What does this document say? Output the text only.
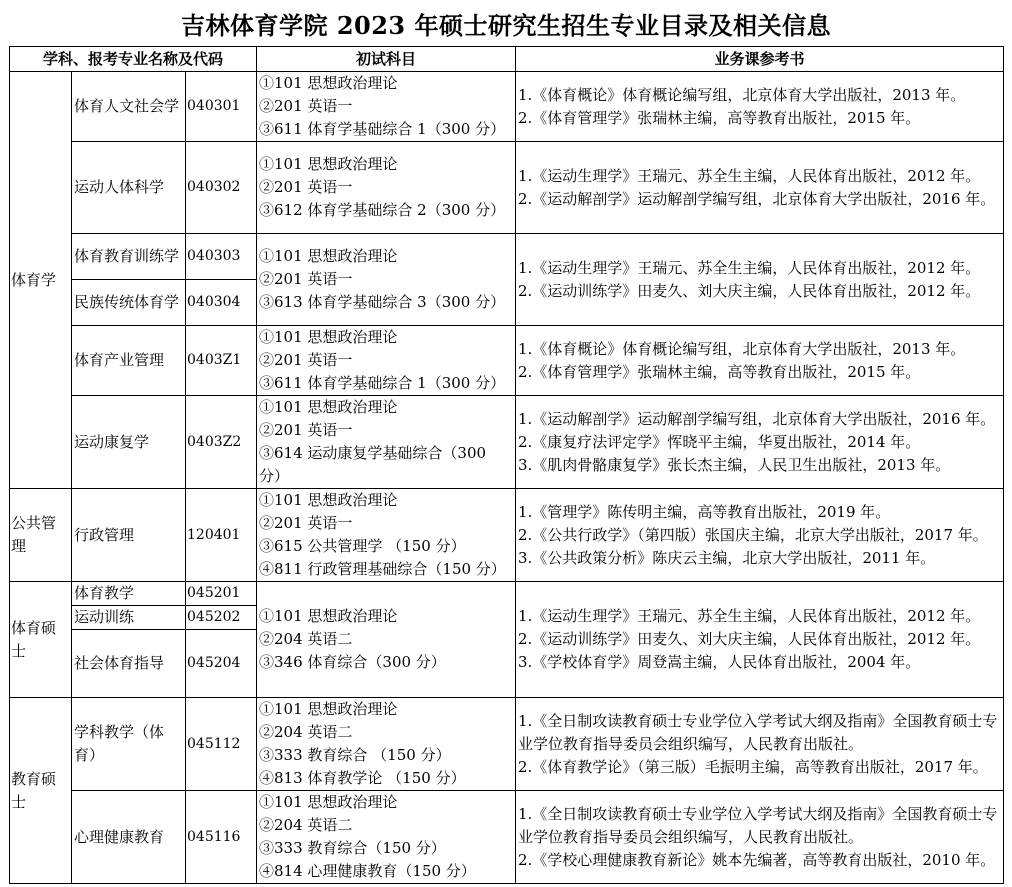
吉林体育学院 2023 年硕士研究生招生专业目录及相关信息
学科、报考专业名称及代码			初试科目	业务课参考书
体育学	体育人文社会学	040301	①101 思想政治理论
②201 英语一
③611 体育学基础综合 1（300 分）	1.《体育概论》体育概论编写组，北京体育大学出版社，2013 年。
2.《体育管理学》张瑞林主编，高等教育出版社，2015 年。

	运动人体科学	040302	①101 思想政治理论
②201 英语一
③612 体育学基础综合 2（300 分）	1.《运动生理学》王瑞元、苏全生主编，人民体育出版社，2012 年。
2.《运动解剖学》运动解剖学编写组，北京体育大学出版社，2016 年。

	体育教育训练学	040303	①101 思想政治理论
②201 英语一
③613 体育学基础综合 3（300 分）	1.《运动生理学》王瑞元、苏全生主编，人民体育出版社，2012 年。
2.《运动训练学》田麦久、刘大庆主编，人民体育出版社，2012 年。

	民族传统体育学	040304		
	体育产业管理	0403Z1	①101 思想政治理论
②201 英语一
③611 体育学基础综合 1（300 分）	1.《体育概论》体育概论编写组，北京体育大学出版社，2013 年。
2.《体育管理学》张瑞林主编，高等教育出版社，2015 年。

	运动康复学	0403Z2	①101 思想政治理论
②201 英语一
③614 运动康复学基础综合（300 分）	1.《运动解剖学》运动解剖学编写组，北京体育大学出版社，2016 年。
2.《康复疗法评定学》恽晓平主编，华夏出版社，2014 年。
3.《肌肉骨骼康复学》张长杰主编，人民卫生出版社，2013 年。

公共管理	行政管理	120401	①101 思想政治理论
②201 英语一
③615 公共管理学 （150 分）
④811 行政管理基础综合（150 分）	1.《管理学》陈传明主编，高等教育出版社，2019 年。
2.《公共行政学》（第四版）张国庆主编，北京大学出版社，2017 年。
3.《公共政策分析》陈庆云主编，北京大学出版社，2011 年。

体育硕士	体育教学	045201	①101 思想政治理论
②204 英语二
③346 体育综合（300 分）	1.《运动生理学》王瑞元、苏全生主编，人民体育出版社，2012 年。
2.《运动训练学》田麦久、刘大庆主编，人民体育出版社，2012 年。
3.《学校体育学》周登嵩主编，人民体育出版社，2004 年。

	运动训练	045202		
	社会体育指导	045204		
教育硕士	学科教学（体育）	045112	①101 思想政治理论
②204 英语二
③333 教育综合 （150 分）
④813 体育教学论 （150 分）	1.《全日制攻读教育硕士专业学位入学考试大纲及指南》全国教育硕士专业学位教育指导委员会组织编写，人民教育出版社。
2.《体育教学论》（第三版）毛振明主编，高等教育出版社，2017 年。

	心理健康教育	045116	①101 思想政治理论
②204 英语二
③333 教育综合（150 分）
④814 心理健康教育（150 分）	1.《全日制攻读教育硕士专业学位入学考试大纲及指南》全国教育硕士专业学位教育指导委员会组织编写，人民教育出版社。
2.《学校心理健康教育新论》姚本先编著，高等教育出版社，2010 年。
